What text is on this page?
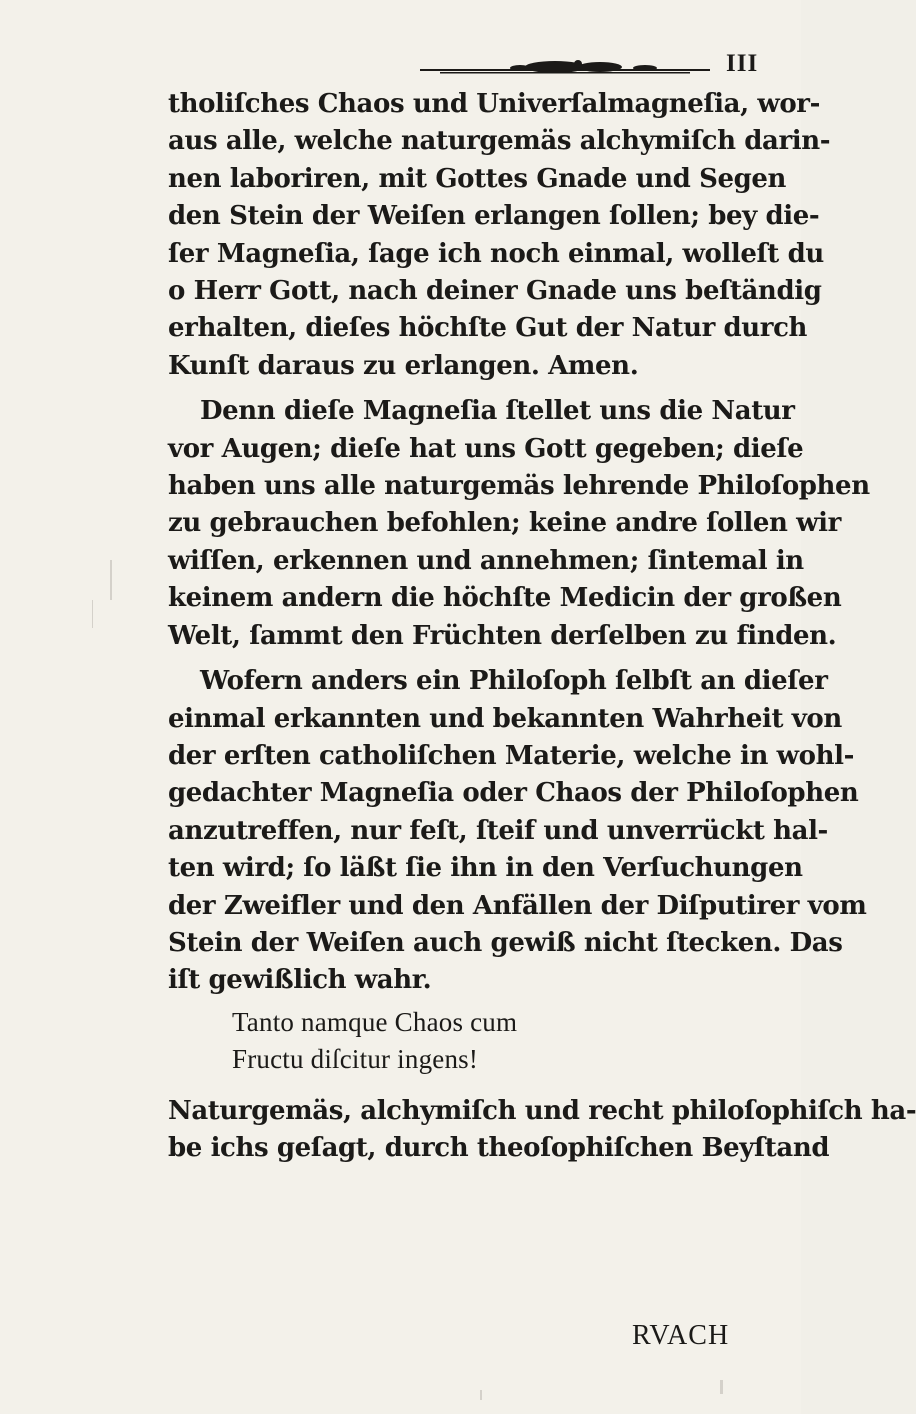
III
tholiſches Chaos und Univerſalmagneſia, wor-
aus alle, welche naturgemäs alchymiſch darin-
nen laboriren, mit Gottes Gnade und Segen
den Stein der Weiſen erlangen ſollen; bey die-
ſer Magneſia, ſage ich noch einmal, wolleſt du
o Herr Gott, nach deiner Gnade uns beſtändig
erhalten, dieſes höchſte Gut der Natur durch
Kunſt daraus zu erlangen. Amen.
Denn dieſe Magneſia ſtellet uns die Natur
vor Augen; dieſe hat uns Gott gegeben; dieſe
haben uns alle naturgemäs lehrende Philoſophen
zu gebrauchen befohlen; keine andre ſollen wir
wiſſen, erkennen und annehmen; ſintemal in
keinem andern die höchſte Medicin der großen
Welt, ſammt den Früchten derſelben zu finden.
Wofern anders ein Philoſoph ſelbſt an dieſer
einmal erkannten und bekannten Wahrheit von
der erſten catholiſchen Materie, welche in wohl-
gedachter Magneſia oder Chaos der Philoſophen
anzutreffen, nur feſt, ſteif und unverrückt hal-
ten wird; ſo läßt ſie ihn in den Verſuchungen
der Zweifler und den Anfällen der Diſputirer vom
Stein der Weiſen auch gewiß nicht ſtecken. Das
iſt gewißlich wahr.
Tanto namque Chaos cum
Fructu diſcitur ingens!
Naturgemäs, alchymiſch und recht philoſophiſch ha-
be ichs geſagt, durch theoſophiſchen Beyſtand
RVACH
